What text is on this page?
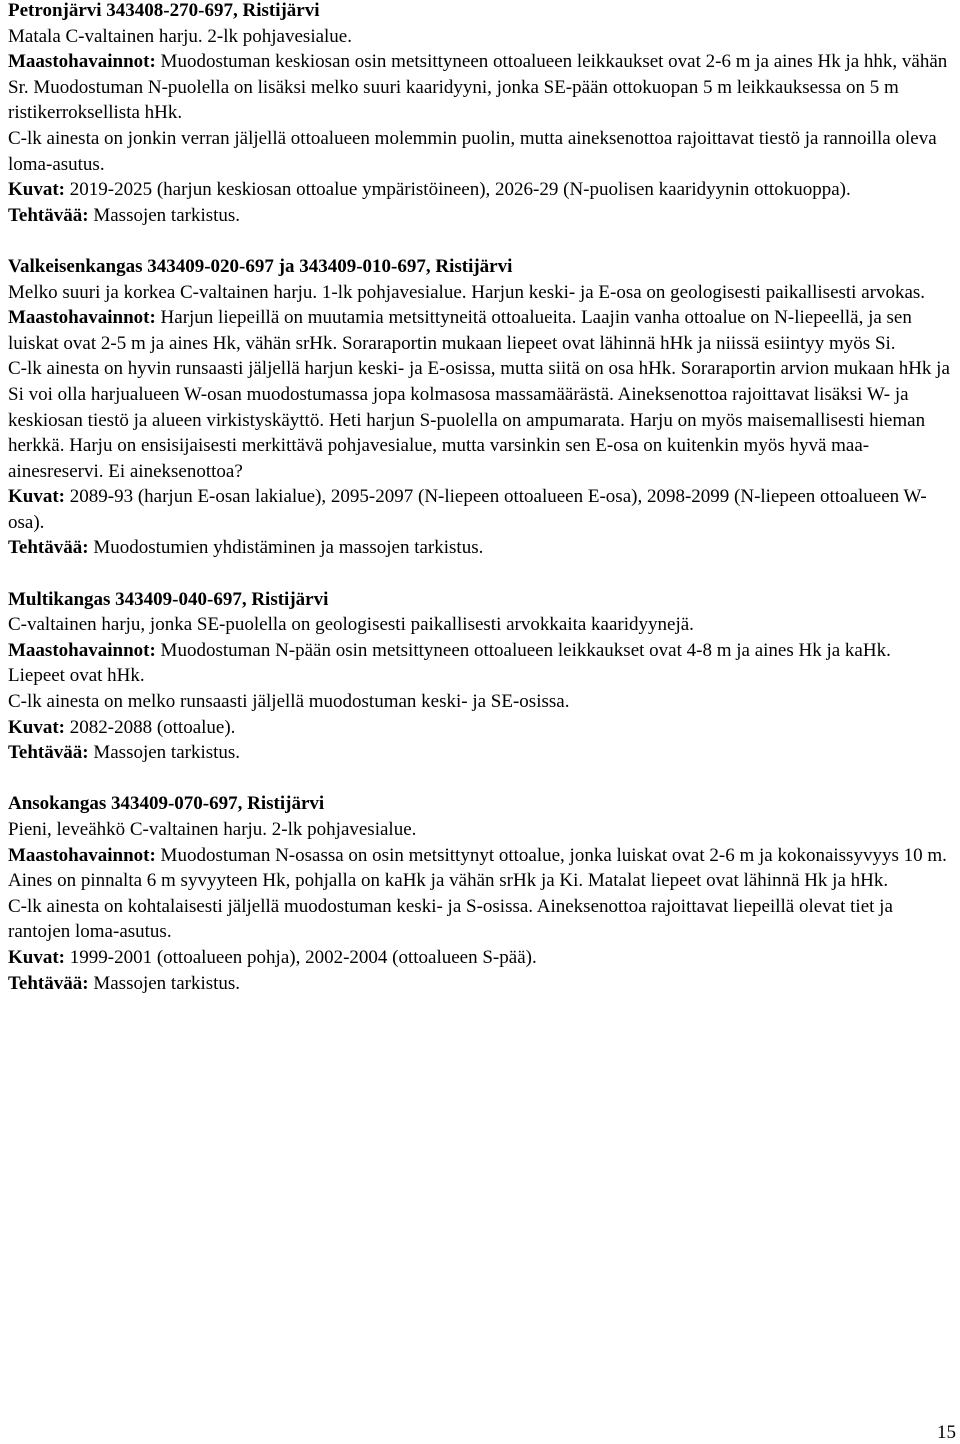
Petronjärvi 343408-270-697, Ristijärvi

Matala C-valtainen harju. 2-lk pohjavesialue.

Maastohavainnot: Muodostuman keskiosan osin metsittyneen ottoalueen leikkaukset ovat 2-6 m ja aines Hk ja hhk, vähän Sr. Muodostuman N-puolella on lisäksi melko suuri kaaridyyni, jonka SE-pään ottokuopan 5 m leikkauksessa on 5 m ristikerroksellista hHk.

C-lk ainesta on jonkin verran jäljellä ottoalueen molemmin puolin, mutta aineksenottoa rajoittavat tiestö ja rannoilla oleva loma-asutus.

Kuvat: 2019-2025 (harjun keskiosan ottoalue ympäristöineen), 2026-29 (N-puolisen kaaridyynin ottokuoppa).

Tehtävää: Massojen tarkistus.

Valkeisenkangas 343409-020-697 ja 343409-010-697, Ristijärvi

Melko suuri ja korkea C-valtainen harju. 1-lk pohjavesialue. Harjun keski- ja E-osa on geologisesti paikallisesti arvokas.

Maastohavainnot: Harjun liepeillä on muutamia metsittyneitä ottoalueita. Laajin vanha ottoalue on N-liepeellä, ja sen luiskat ovat 2-5 m ja aines Hk, vähän srHk. Soraraportin mukaan liepeet ovat lähinnä hHk ja niissä esiintyy myös Si.

C-lk ainesta on hyvin runsaasti jäljellä harjun keski- ja E-osissa, mutta siitä on osa hHk. Soraraportin arvion mukaan hHk ja Si voi olla harjualueen W-osan muodostumassa jopa kolmasosa massamäärästä. Aineksenottoa rajoittavat lisäksi W- ja keskiosan tiestö ja alueen virkistyskäyttö. Heti harjun S-puolella on ampumarata. Harju on myös maisemallisesti hieman herkkä. Harju on ensisijaisesti merkittävä pohjavesialue, mutta varsinkin sen E-osa on kuitenkin myös hyvä maa-ainesreservi. Ei aineksenottoa?

Kuvat: 2089-93 (harjun E-osan lakialue), 2095-2097 (N-liepeen ottoalueen E-osa), 2098-2099 (N-liepeen ottoalueen W-osa).

Tehtävää: Muodostumien yhdistäminen ja massojen tarkistus.

Multikangas 343409-040-697, Ristijärvi

C-valtainen harju, jonka SE-puolella on geologisesti paikallisesti arvokkaita kaaridyynejä.

Maastohavainnot: Muodostuman N-pään osin metsittyneen ottoalueen leikkaukset ovat 4-8 m ja aines Hk ja kaHk. Liepeet ovat hHk.

C-lk ainesta on melko runsaasti jäljellä muodostuman keski- ja SE-osissa.

Kuvat: 2082-2088 (ottoalue).

Tehtävää: Massojen tarkistus.

Ansokangas 343409-070-697, Ristijärvi

Pieni, leveähkö C-valtainen harju. 2-lk pohjavesialue.

Maastohavainnot: Muodostuman N-osassa on osin metsittynyt ottoalue, jonka luiskat ovat 2-6 m ja kokonaissyvyys 10 m. Aines on pinnalta 6 m syvyyteen Hk, pohjalla on kaHk ja vähän srHk ja Ki. Matalat liepeet ovat lähinnä Hk ja hHk.

C-lk ainesta on kohtalaisesti jäljellä muodostuman keski- ja S-osissa. Aineksenottoa rajoittavat liepeillä olevat tiet ja rantojen loma-asutus.

Kuvat: 1999-2001 (ottoalueen pohja), 2002-2004 (ottoalueen S-pää).

Tehtävää: Massojen tarkistus.

15
